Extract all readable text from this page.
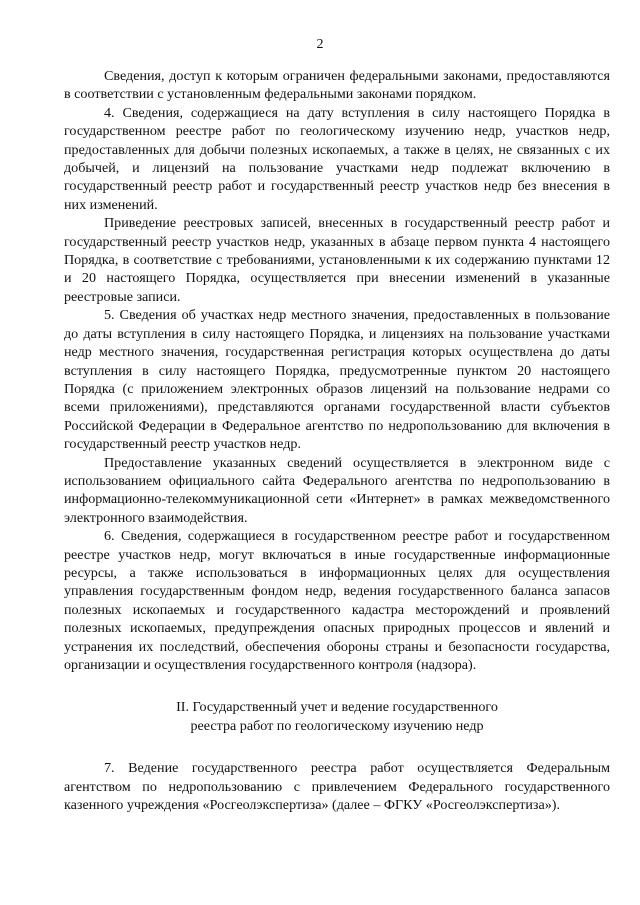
2

Сведения, доступ к которым ограничен федеральными законами, предоставляются в соответствии с установленным федеральными законами порядком.

4. Сведения, содержащиеся на дату вступления в силу настоящего Порядка в государственном реестре работ по геологическому изучению недр, участков недр, предоставленных для добычи полезных ископаемых, а также в целях, не связанных с их добычей, и лицензий на пользование участками недр подлежат включению в государственный реестр работ и государственный реестр участков недр без внесения в них изменений.

Приведение реестровых записей, внесенных в государственный реестр работ и государственный реестр участков недр, указанных в абзаце первом пункта 4 настоящего Порядка, в соответствие с требованиями, установленными к их содержанию пунктами 12 и 20 настоящего Порядка, осуществляется при внесении изменений в указанные реестровые записи.

5. Сведения об участках недр местного значения, предоставленных в пользование до даты вступления в силу настоящего Порядка, и лицензиях на пользование участками недр местного значения, государственная регистрация которых осуществлена до даты вступления в силу настоящего Порядка, предусмотренные пунктом 20 настоящего Порядка (с приложением электронных образов лицензий на пользование недрами со всеми приложениями), представляются органами государственной власти субъектов Российской Федерации в Федеральное агентство по недропользованию для включения в государственный реестр участков недр.

Предоставление указанных сведений осуществляется в электронном виде с использованием официального сайта Федерального агентства по недропользованию в информационно-телекоммуникационной сети «Интернет» в рамках межведомственного электронного взаимодействия.

6. Сведения, содержащиеся в государственном реестре работ и государственном реестре участков недр, могут включаться в иные государственные информационные ресурсы, а также использоваться в информационных целях для осуществления управления государственным фондом недр, ведения государственного баланса запасов полезных ископаемых и государственного кадастра месторождений и проявлений полезных ископаемых, предупреждения опасных природных процессов и явлений и устранения их последствий, обеспечения обороны страны и безопасности государства, организации и осуществления государственного контроля (надзора).

II. Государственный учет и ведение государственного
реестра работ по геологическому изучению недр

7. Ведение государственного реестра работ осуществляется Федеральным агентством по недропользованию с привлечением Федерального государственного казенного учреждения «Росгеолэкспертиза» (далее – ФГКУ «Росгеолэкспертиза»).
